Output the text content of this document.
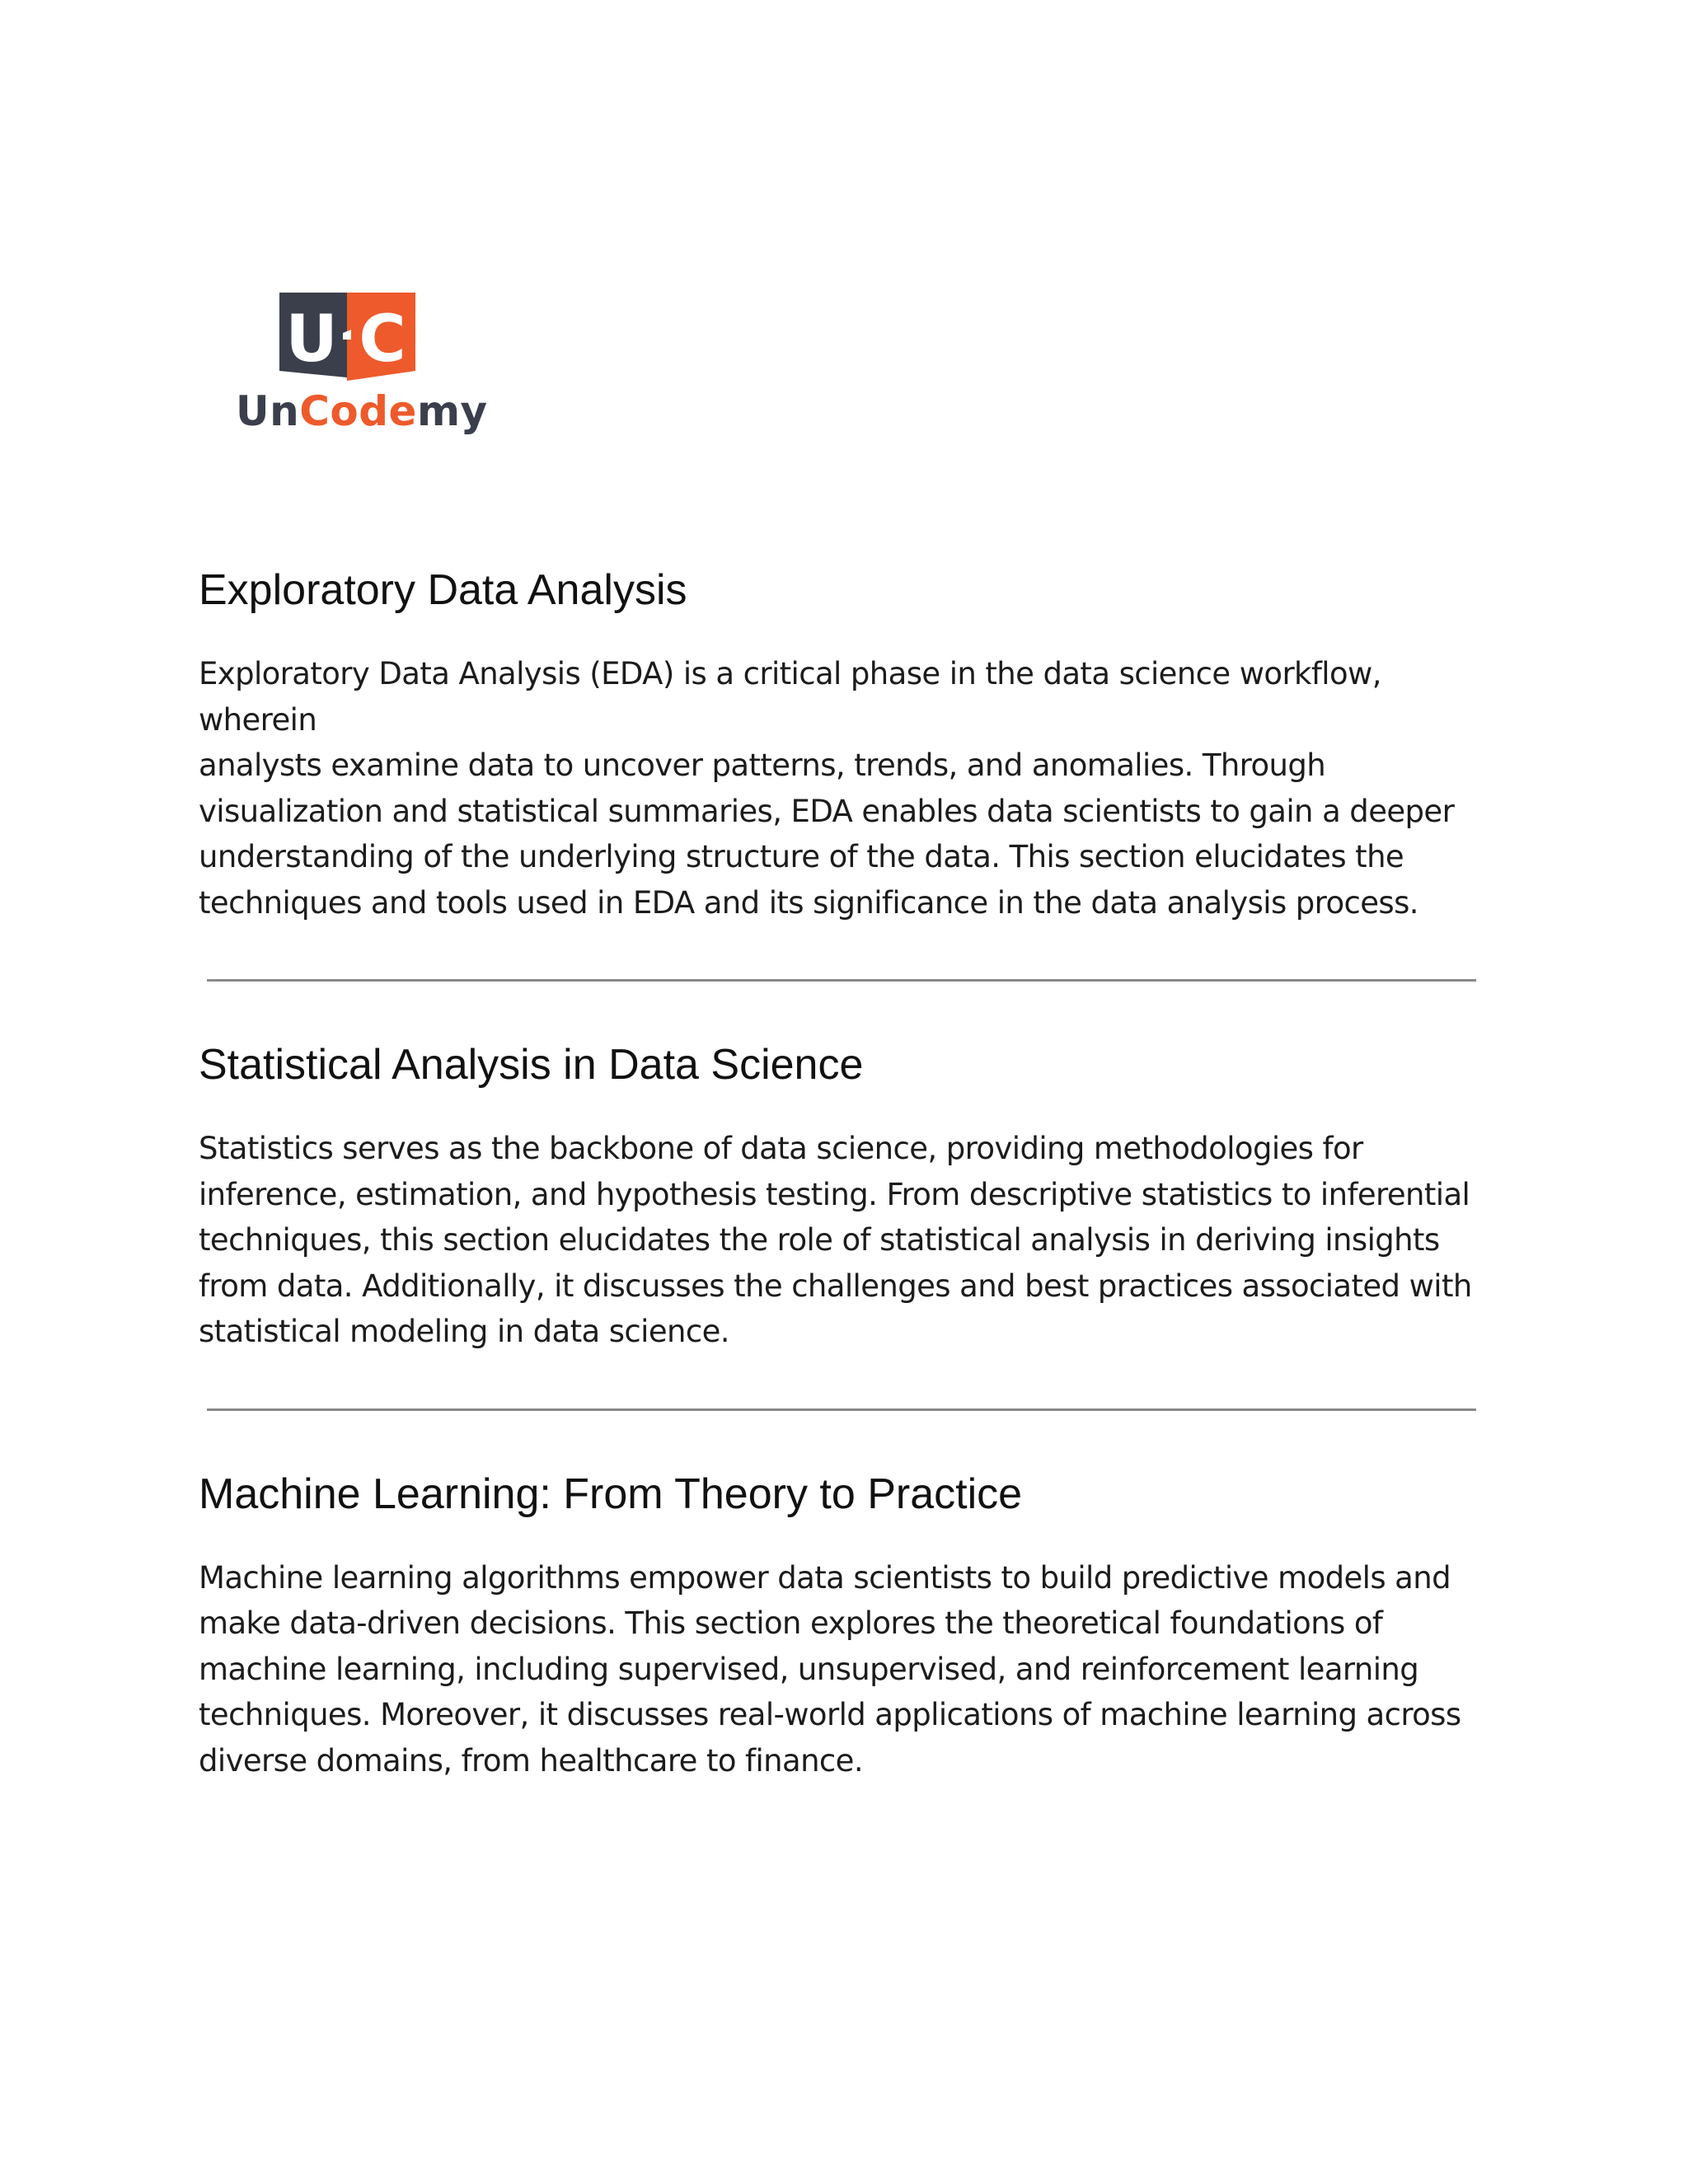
U C
UnCodemy
Exploratory Data Analysis

Exploratory Data Analysis (EDA) is a critical phase in the data science workflow, wherein
analysts examine data to uncover patterns, trends, and anomalies. Through
visualization and statistical summaries, EDA enables data scientists to gain a deeper
understanding of the underlying structure of the data. This section elucidates the
techniques and tools used in EDA and its significance in the data analysis process.

Statistical Analysis in Data Science

Statistics serves as the backbone of data science, providing methodologies for
inference, estimation, and hypothesis testing. From descriptive statistics to inferential
techniques, this section elucidates the role of statistical analysis in deriving insights
from data. Additionally, it discusses the challenges and best practices associated with
statistical modeling in data science.

Machine Learning: From Theory to Practice

Machine learning algorithms empower data scientists to build predictive models and
make data-driven decisions. This section explores the theoretical foundations of
machine learning, including supervised, unsupervised, and reinforcement learning
techniques. Moreover, it discusses real-world applications of machine learning across
diverse domains, from healthcare to finance.
